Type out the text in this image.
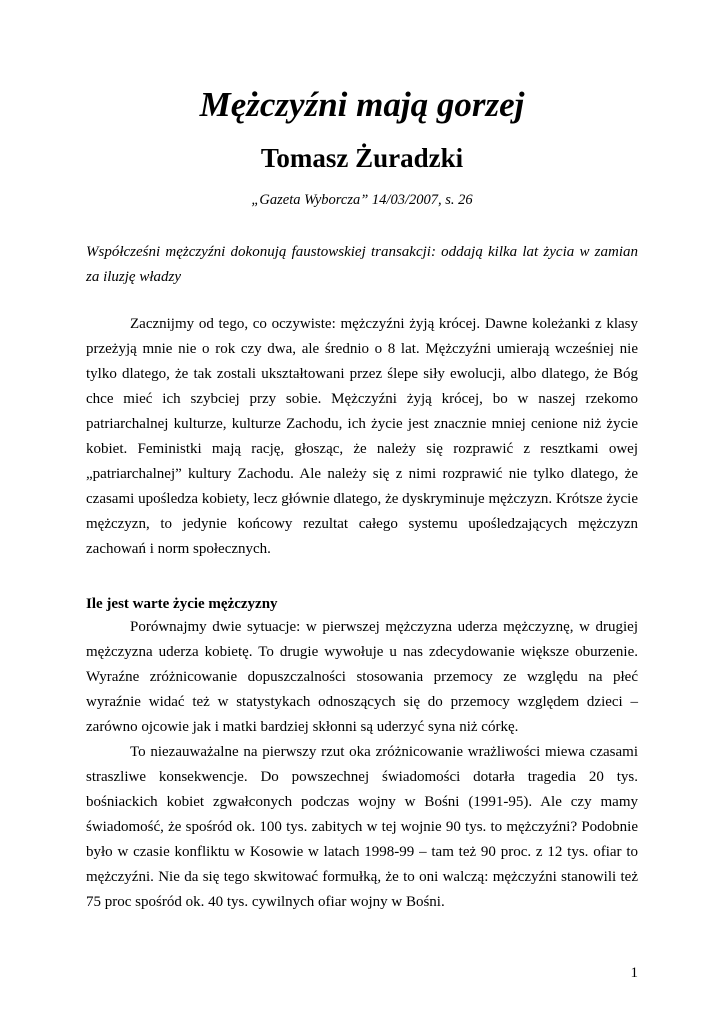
Mężczyźni mają gorzej
Tomasz Żuradzki

„Gazeta Wyborcza” 14/03/2007, s. 26

Współcześni mężczyźni dokonują faustowskiej transakcji: oddają kilka lat życia w zamian za iluzję władzy

Zacznijmy od tego, co oczywiste: mężczyźni żyją krócej. Dawne koleżanki z klasy przeżyją mnie nie o rok czy dwa, ale średnio o 8 lat. Mężczyźni umierają wcześniej nie tylko dlatego, że tak zostali ukształtowani przez ślepe siły ewolucji, albo dlatego, że Bóg chce mieć ich szybciej przy sobie. Mężczyźni żyją krócej, bo w naszej rzekomo patriarchalnej kulturze, kulturze Zachodu, ich życie jest znacznie mniej cenione niż życie kobiet. Feministki mają rację, głosząc, że należy się rozprawić z resztkami owej „patriarchalnej” kultury Zachodu. Ale należy się z nimi rozprawić nie tylko dlatego, że czasami upośledza kobiety, lecz głównie dlatego, że dyskryminuje mężczyzn. Krótsze życie mężczyzn, to jedynie końcowy rezultat całego systemu upośledzających mężczyzn zachowań i norm społecznych.

Ile jest warte życie mężczyzny

Porównajmy dwie sytuacje: w pierwszej mężczyzna uderza mężczyznę, w drugiej mężczyzna uderza kobietę. To drugie wywołuje u nas zdecydowanie większe oburzenie. Wyraźne zróżnicowanie dopuszczalności stosowania przemocy ze względu na płeć wyraźnie widać też w statystykach odnoszących się do przemocy względem dzieci – zarówno ojcowie jak i matki bardziej skłonni są uderzyć syna niż córkę.

To niezauważalne na pierwszy rzut oka zróżnicowanie wrażliwości miewa czasami straszliwe konsekwencje. Do powszechnej świadomości dotarła tragedia 20 tys. bośniackich kobiet zgwałconych podczas wojny w Bośni (1991-95). Ale czy mamy świadomość, że spośród ok. 100 tys. zabitych w tej wojnie 90 tys. to mężczyźni? Podobnie było w czasie konfliktu w Kosowie w latach 1998-99 – tam też 90 proc. z 12 tys. ofiar to mężczyźni. Nie da się tego skwitować formułką, że to oni walczą: mężczyźni stanowili też 75 proc spośród ok. 40 tys. cywilnych ofiar wojny w Bośni.

1
